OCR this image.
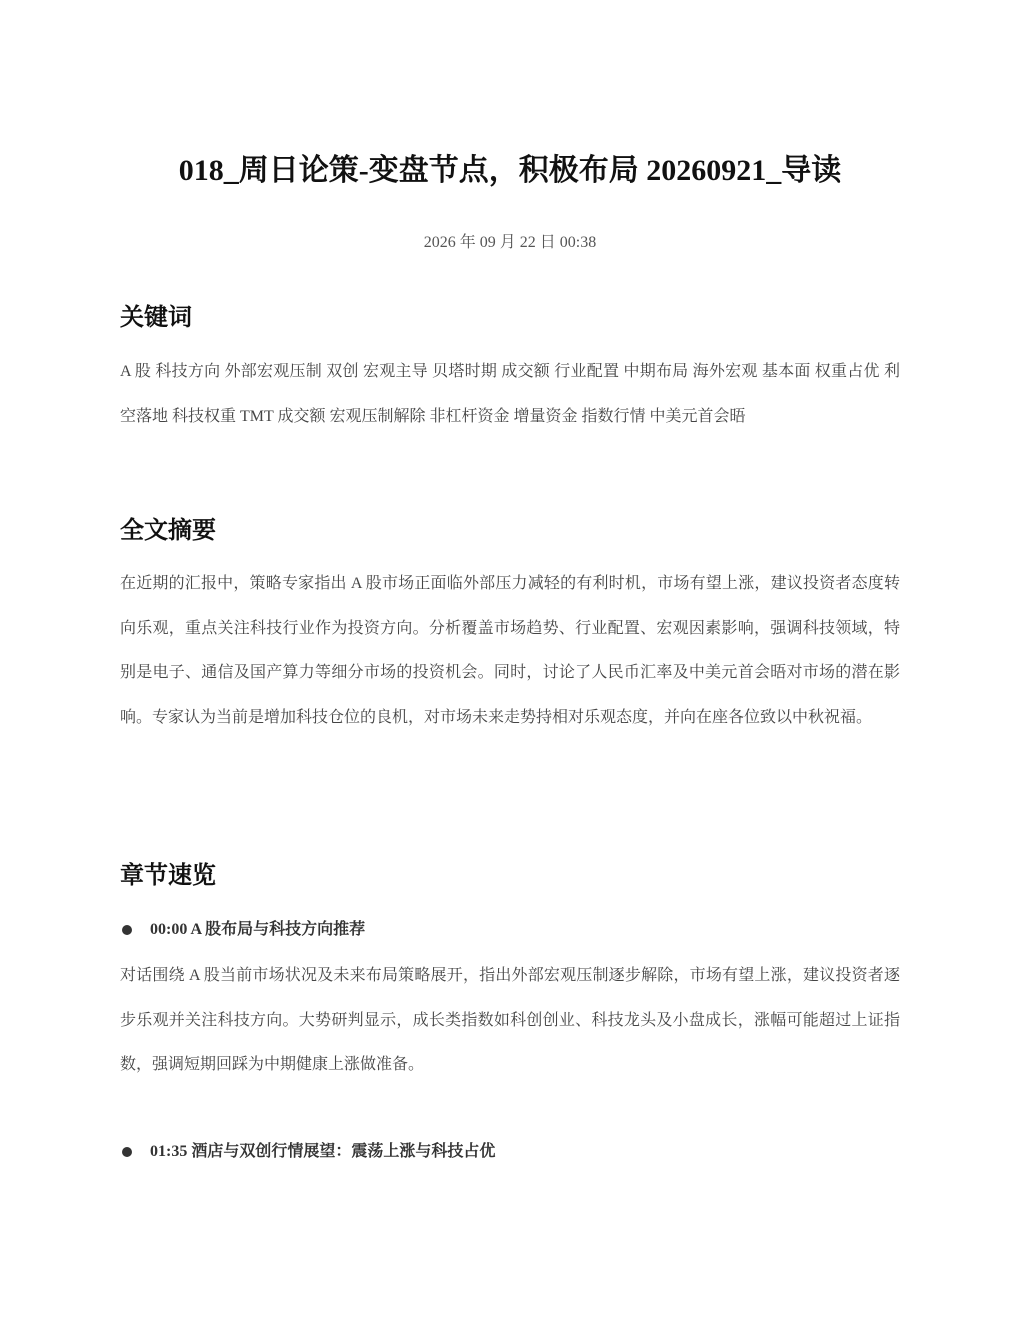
018_周日论策-变盘节点，积极布局 20260921_导读
2026 年 09 月 22 日 00:38
关键词

A 股 科技方向 外部宏观压制 双创 宏观主导 贝塔时期 成交额 行业配置 中期布局 海外宏观 基本面 权重占优 利空落地 科技权重 TMT 成交额 宏观压制解除 非杠杆资金 增量资金 指数行情 中美元首会晤

全文摘要

在近期的汇报中，策略专家指出 A 股市场正面临外部压力减轻的有利时机，市场有望上涨，建议投资者态度转向乐观，重点关注科技行业作为投资方向。分析覆盖市场趋势、行业配置、宏观因素影响，强调科技领域，特别是电子、通信及国产算力等细分市场的投资机会。同时，讨论了人民币汇率及中美元首会晤对市场的潜在影响。专家认为当前是增加科技仓位的良机，对市场未来走势持相对乐观态度，并向在座各位致以中秋祝福。

章节速览
00:00 A 股布局与科技方向推荐

对话围绕 A 股当前市场状况及未来布局策略展开，指出外部宏观压制逐步解除，市场有望上涨，建议投资者逐步乐观并关注科技方向。大势研判显示，成长类指数如科创创业、科技龙头及小盘成长，涨幅可能超过上证指数，强调短期回踩为中期健康上涨做准备。

01:35 酒店与双创行情展望：震荡上涨与科技占优
